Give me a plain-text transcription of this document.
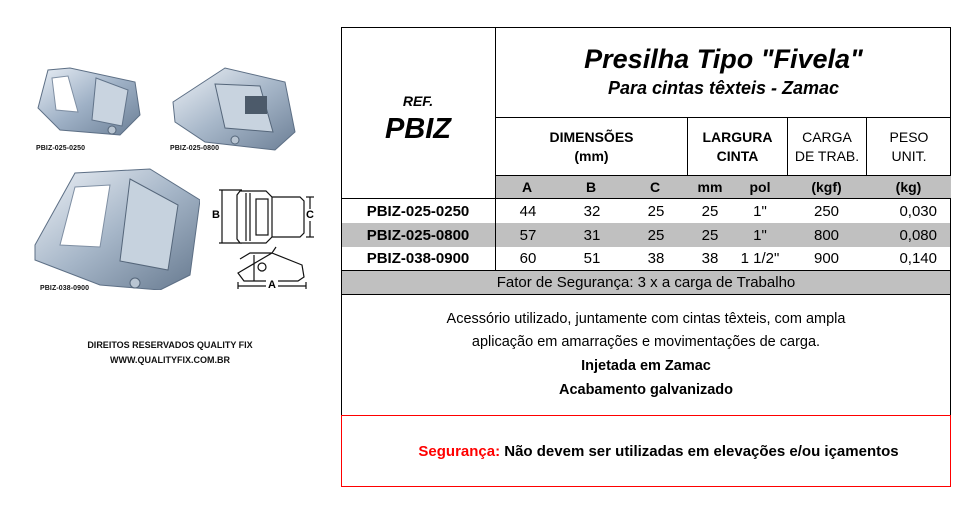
PBIZ-025-0250	PBIZ-025-0800
PBIZ-038-0900
B	C
A
DIREITOS RESERVADOS QUALITY FIX
WWW.QUALITYFIX.COM.BR
REF.
PBIZ
Presilha Tipo "Fivela"
Para cintas têxteis - Zamac
DIMENSÕES
(mm)
LARGURA
CINTA
CARGA
DE TRAB.
PESO
UNIT.
A	B	C	mm	pol	(kgf)	(kg)
PBIZ-025-0250	44	32	25	25	1"	250	0,030
PBIZ-025-0800	57	31	25	25	1"	800	0,080
PBIZ-038-0900	60	51	38	38	1 1/2"	900	0,140
Fator de Segurança: 3 x a carga de Trabalho
Acessório utilizado, juntamente com cintas têxteis, com ampla
aplicação em amarrações e movimentações de carga.
Injetada em Zamac
Acabamento galvanizado

Segurança: Não devem ser utilizadas em elevações e/ou içamentos
